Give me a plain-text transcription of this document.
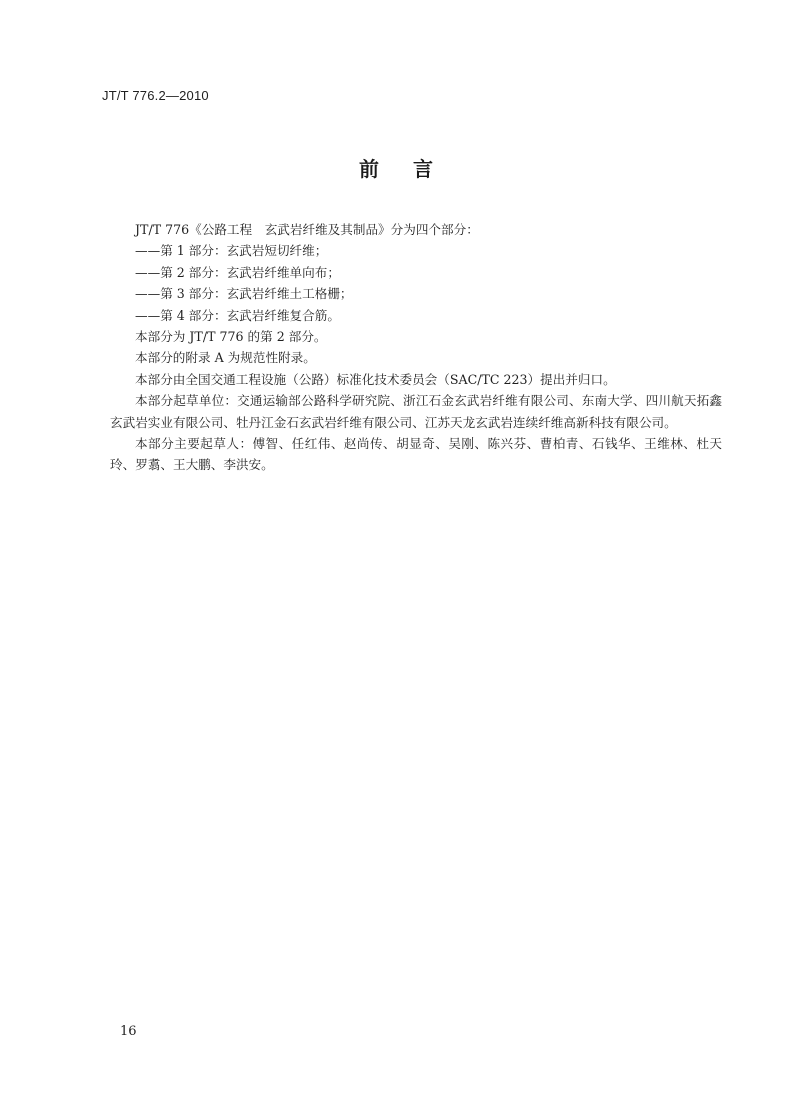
JT/T 776.2—2010
前言

JT/T 776《公路工程　玄武岩纤维及其制品》分为四个部分：

——第 1 部分：玄武岩短切纤维；

——第 2 部分：玄武岩纤维单向布；

——第 3 部分：玄武岩纤维土工格栅；

——第 4 部分：玄武岩纤维复合筋。

本部分为 JT/T 776 的第 2 部分。

本部分的附录 A 为规范性附录。

本部分由全国交通工程设施（公路）标准化技术委员会（SAC/TC 223）提出并归口。

本部分起草单位：交通运输部公路科学研究院、浙江石金玄武岩纤维有限公司、东南大学、四川航天拓鑫玄武岩实业有限公司、牡丹江金石玄武岩纤维有限公司、江苏天龙玄武岩连续纤维高新科技有限公司。

本部分主要起草人：傅智、任红伟、赵尚传、胡显奇、吴刚、陈兴芬、曹柏青、石钱华、王维林、杜天玲、罗翥、王大鹏、李洪安。

16
